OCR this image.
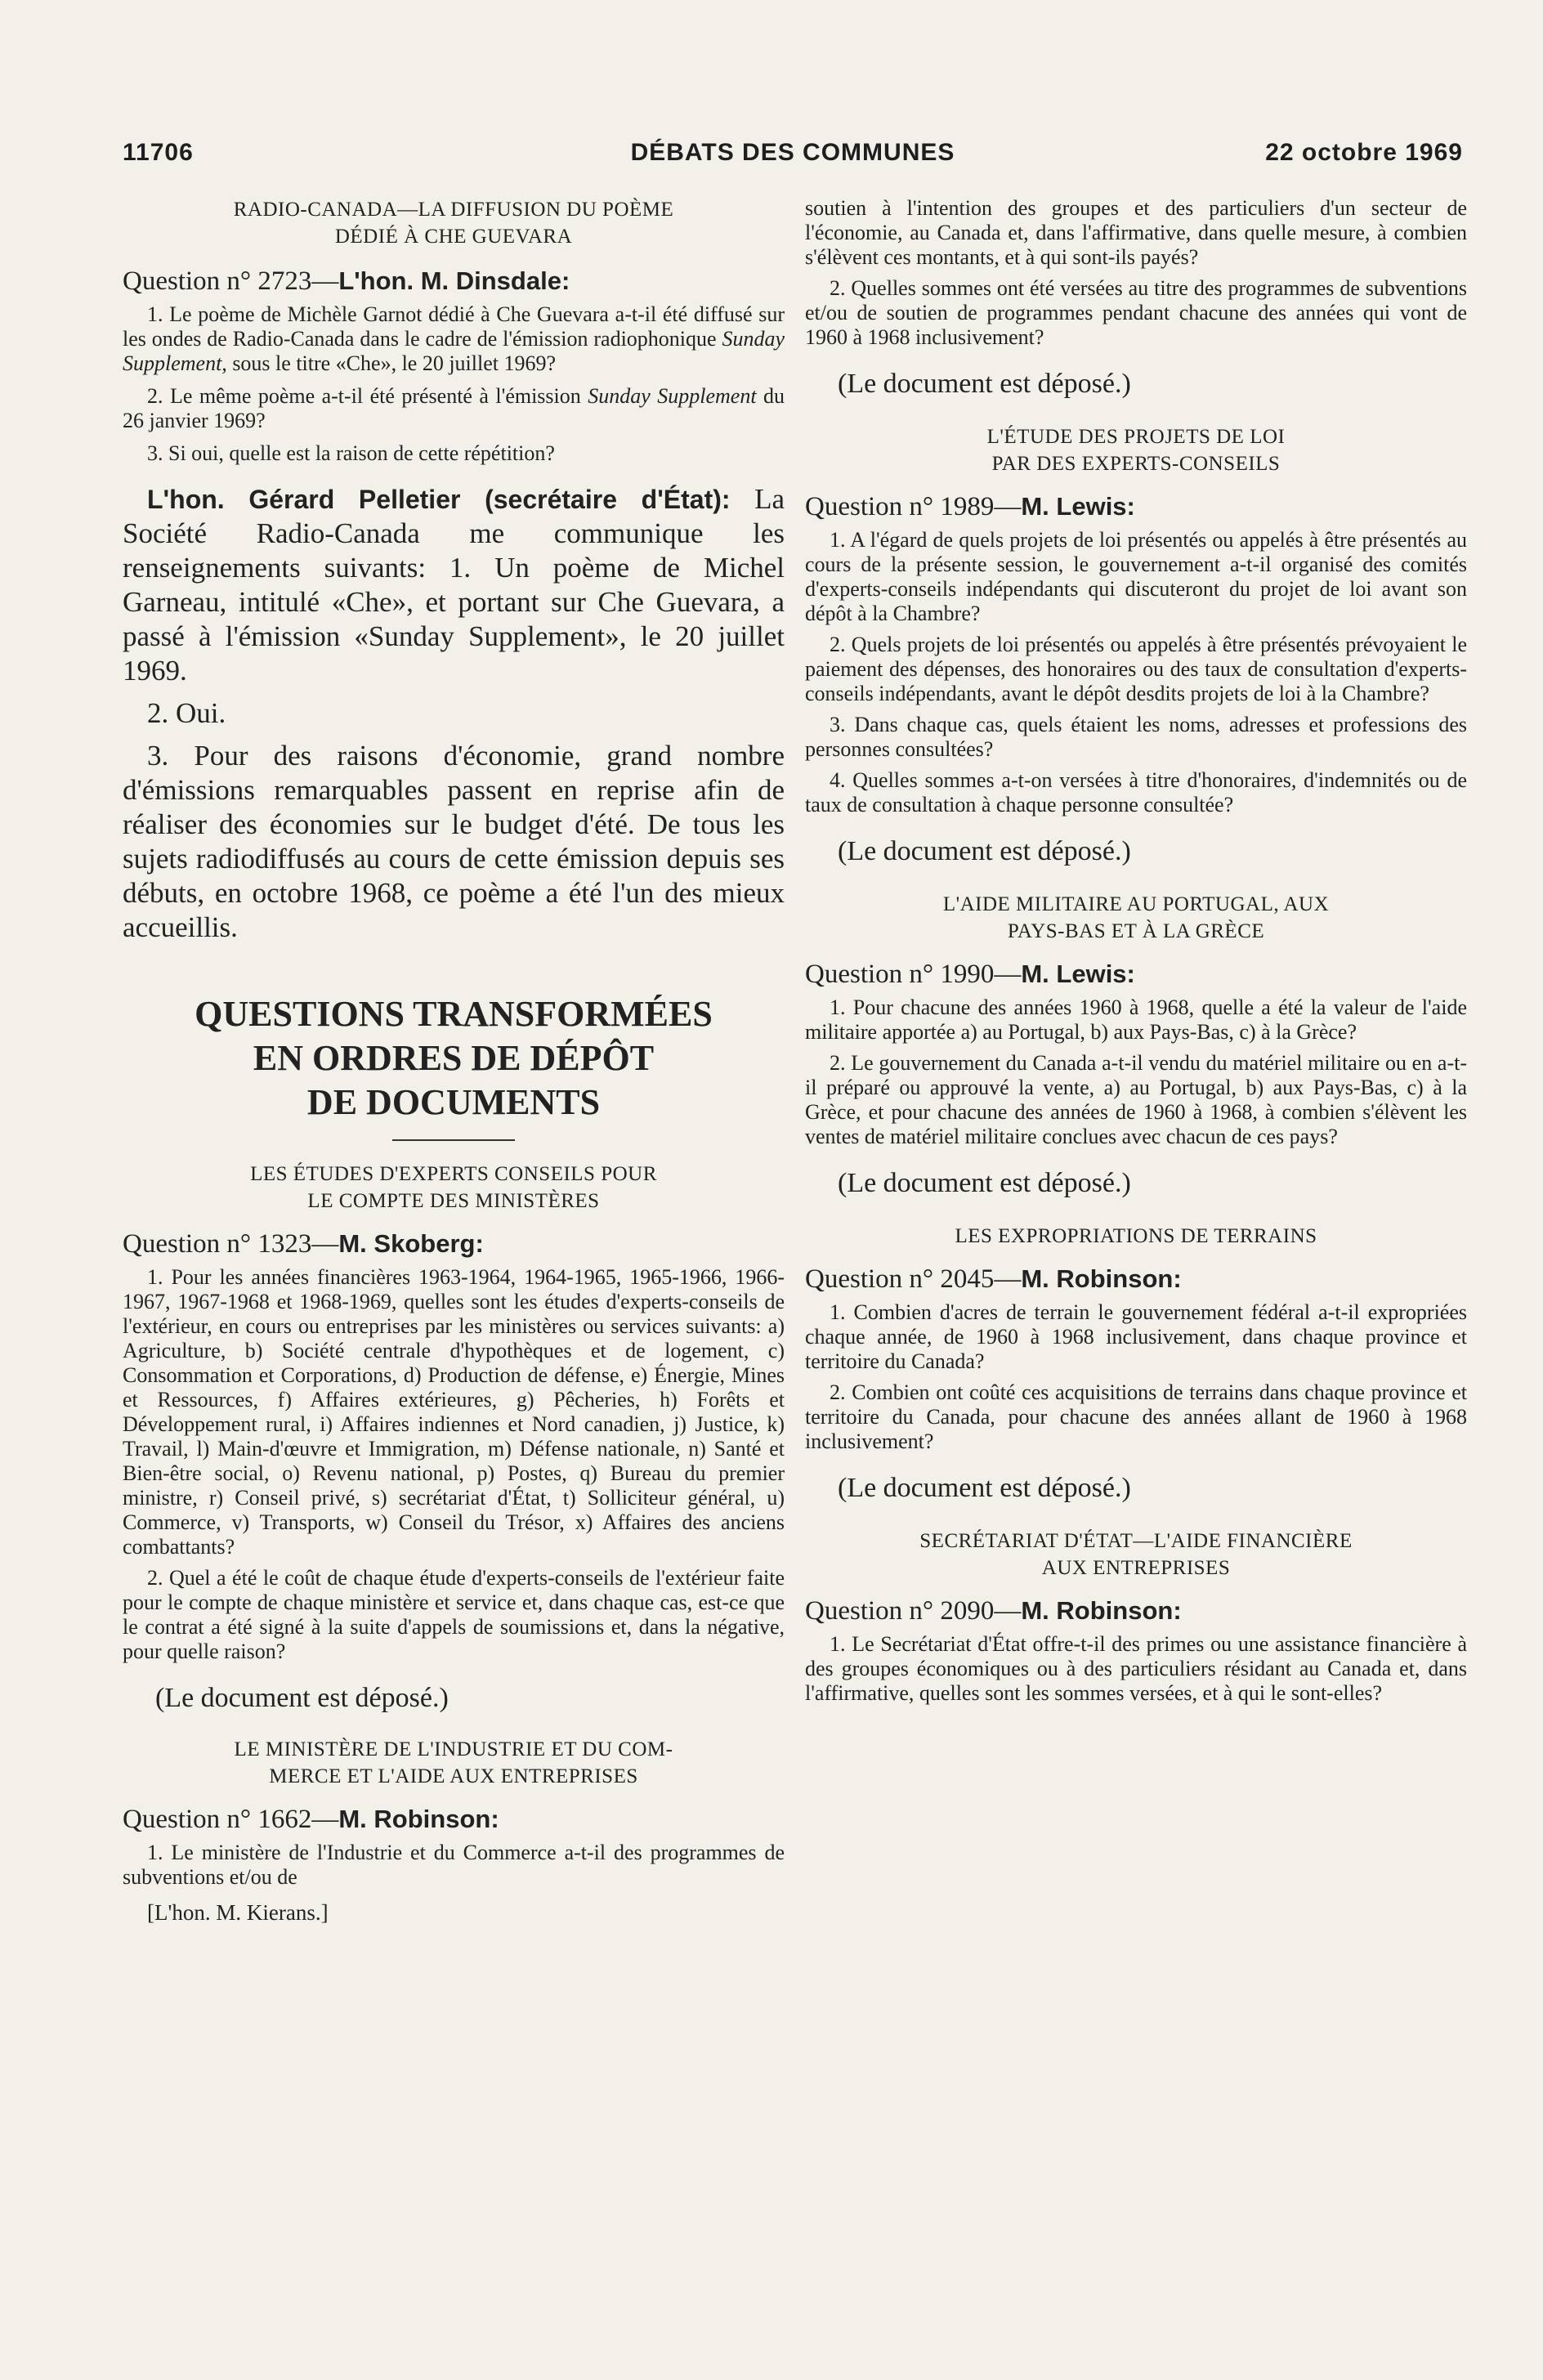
11706	DÉBATS DES COMMUNES	22 octobre 1969

RADIO-CANADA—LA DIFFUSION DU POÈME

DÉDIÉ À CHE GUEVARA

Question n° 2723—L'hon. M. Dinsdale:

1. Le poème de Michèle Garnot dédié à Che Guevara a-t-il été diffusé sur les ondes de Radio-Canada dans le cadre de l'émission radiophonique Sunday Supplement, sous le titre «Che», le 20 juillet 1969?

2. Le même poème a-t-il été présenté à l'émission Sunday Supplement du 26 janvier 1969?

3. Si oui, quelle est la raison de cette répétition?

L'hon. Gérard Pelletier (secrétaire d'État): La Société Radio-Canada me communique les renseignements suivants: 1. Un poème de Michel Garneau, intitulé «Che», et portant sur Che Guevara, a passé à l'émission «Sunday Supplement», le 20 juillet 1969.

2. Oui.

3. Pour des raisons d'économie, grand nombre d'émissions remarquables passent en reprise afin de réaliser des économies sur le budget d'été. De tous les sujets radiodiffusés au cours de cette émission depuis ses débuts, en octobre 1968, ce poème a été l'un des mieux accueillis.

QUESTIONS TRANSFORMÉES

EN ORDRES DE DÉPÔT

DE DOCUMENTS

LES ÉTUDES D'EXPERTS CONSEILS POUR

LE COMPTE DES MINISTÈRES

Question n° 1323—M. Skoberg:

1. Pour les années financières 1963-1964, 1964-1965, 1965-1966, 1966-1967, 1967-1968 et 1968-1969, quelles sont les études d'experts-conseils de l'extérieur, en cours ou entreprises par les ministères ou services suivants: a) Agriculture, b) Société centrale d'hypothèques et de logement, c) Consommation et Corporations, d) Production de défense, e) Énergie, Mines et Ressources, f) Affaires extérieures, g) Pêcheries, h) Forêts et Développement rural, i) Affaires indiennes et Nord canadien, j) Justice, k) Travail, l) Main-d'œuvre et Immigration, m) Défense nationale, n) Santé et Bien-être social, o) Revenu national, p) Postes, q) Bureau du premier ministre, r) Conseil privé, s) secrétariat d'État, t) Solliciteur général, u) Commerce, v) Transports, w) Conseil du Trésor, x) Affaires des anciens combattants?

2. Quel a été le coût de chaque étude d'experts-conseils de l'extérieur faite pour le compte de chaque ministère et service et, dans chaque cas, est-ce que le contrat a été signé à la suite d'appels de soumissions et, dans la négative, pour quelle raison?

(Le document est déposé.)

LE MINISTÈRE DE L'INDUSTRIE ET DU COM-

MERCE ET L'AIDE AUX ENTREPRISES

Question n° 1662—M. Robinson:

1. Le ministère de l'Industrie et du Commerce a-t-il des programmes de subventions et/ou de

[L'hon. M. Kierans.]

soutien à l'intention des groupes et des particuliers d'un secteur de l'économie, au Canada et, dans l'affirmative, dans quelle mesure, à combien s'élèvent ces montants, et à qui sont-ils payés?

2. Quelles sommes ont été versées au titre des programmes de subventions et/ou de soutien de programmes pendant chacune des années qui vont de 1960 à 1968 inclusivement?

(Le document est déposé.)

L'ÉTUDE DES PROJETS DE LOI

PAR DES EXPERTS-CONSEILS

Question n° 1989—M. Lewis:

1. A l'égard de quels projets de loi présentés ou appelés à être présentés au cours de la présente session, le gouvernement a-t-il organisé des comités d'experts-conseils indépendants qui discuteront du projet de loi avant son dépôt à la Chambre?

2. Quels projets de loi présentés ou appelés à être présentés prévoyaient le paiement des dépenses, des honoraires ou des taux de consultation d'experts-conseils indépendants, avant le dépôt desdits projets de loi à la Chambre?

3. Dans chaque cas, quels étaient les noms, adresses et professions des personnes consultées?

4. Quelles sommes a-t-on versées à titre d'honoraires, d'indemnités ou de taux de consultation à chaque personne consultée?

(Le document est déposé.)

L'AIDE MILITAIRE AU PORTUGAL, AUX

PAYS-BAS ET À LA GRÈCE

Question n° 1990—M. Lewis:

1. Pour chacune des années 1960 à 1968, quelle a été la valeur de l'aide militaire apportée a) au Portugal, b) aux Pays-Bas, c) à la Grèce?

2. Le gouvernement du Canada a-t-il vendu du matériel militaire ou en a-t-il préparé ou approuvé la vente, a) au Portugal, b) aux Pays-Bas, c) à la Grèce, et pour chacune des années de 1960 à 1968, à combien s'élèvent les ventes de matériel militaire conclues avec chacun de ces pays?

(Le document est déposé.)

LES EXPROPRIATIONS DE TERRAINS

Question n° 2045—M. Robinson:

1. Combien d'acres de terrain le gouvernement fédéral a-t-il expropriées chaque année, de 1960 à 1968 inclusivement, dans chaque province et territoire du Canada?

2. Combien ont coûté ces acquisitions de terrains dans chaque province et territoire du Canada, pour chacune des années allant de 1960 à 1968 inclusivement?

(Le document est déposé.)

SECRÉTARIAT D'ÉTAT—L'AIDE FINANCIÈRE

AUX ENTREPRISES

Question n° 2090—M. Robinson:

1. Le Secrétariat d'État offre-t-il des primes ou une assistance financière à des groupes économiques ou à des particuliers résidant au Canada et, dans l'affirmative, quelles sont les sommes versées, et à qui le sont-elles?
